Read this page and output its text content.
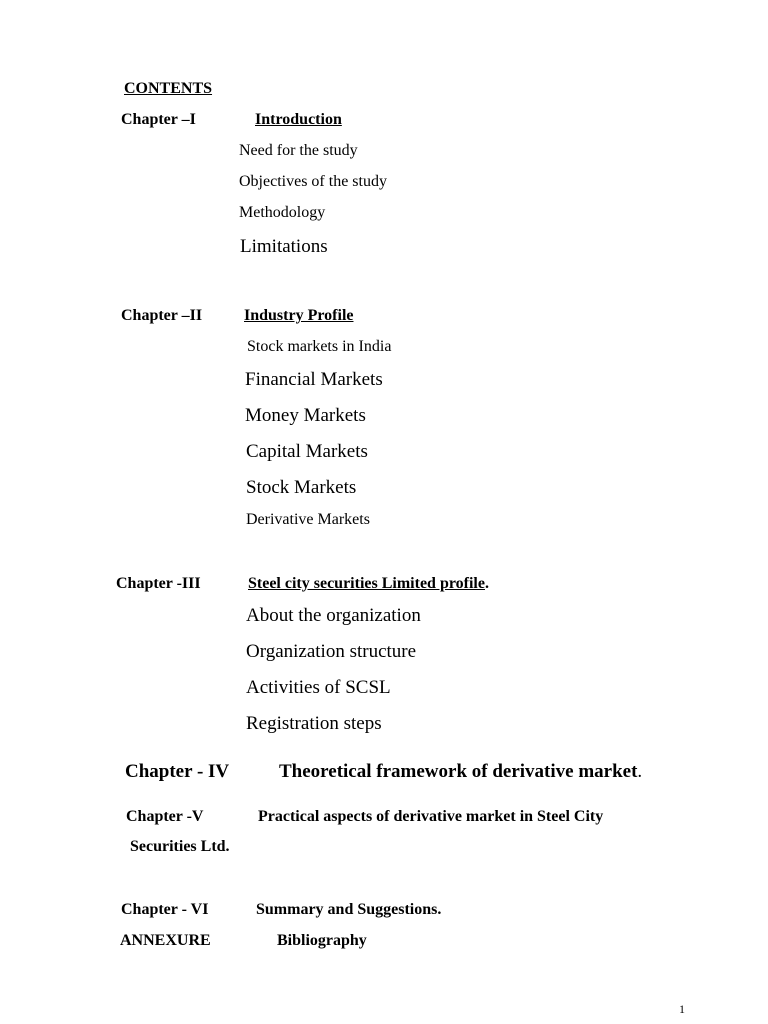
CONTENTS
Chapter –I	Introduction
Need for the study
Objectives of the study
Methodology
Limitations
Chapter –II	Industry Profile
Stock markets in India
Financial Markets
Money Markets
Capital Markets
Stock Markets
Derivative Markets
Chapter -III	Steel city securities Limited profile.
About the organization
Organization structure
Activities of SCSL
Registration steps
Chapter - IV	Theoretical framework of derivative market.
Chapter -V	Practical aspects of derivative market in Steel City
Securities Ltd.
Chapter - VI	Summary and Suggestions.
ANNEXURE	Bibliography
1
